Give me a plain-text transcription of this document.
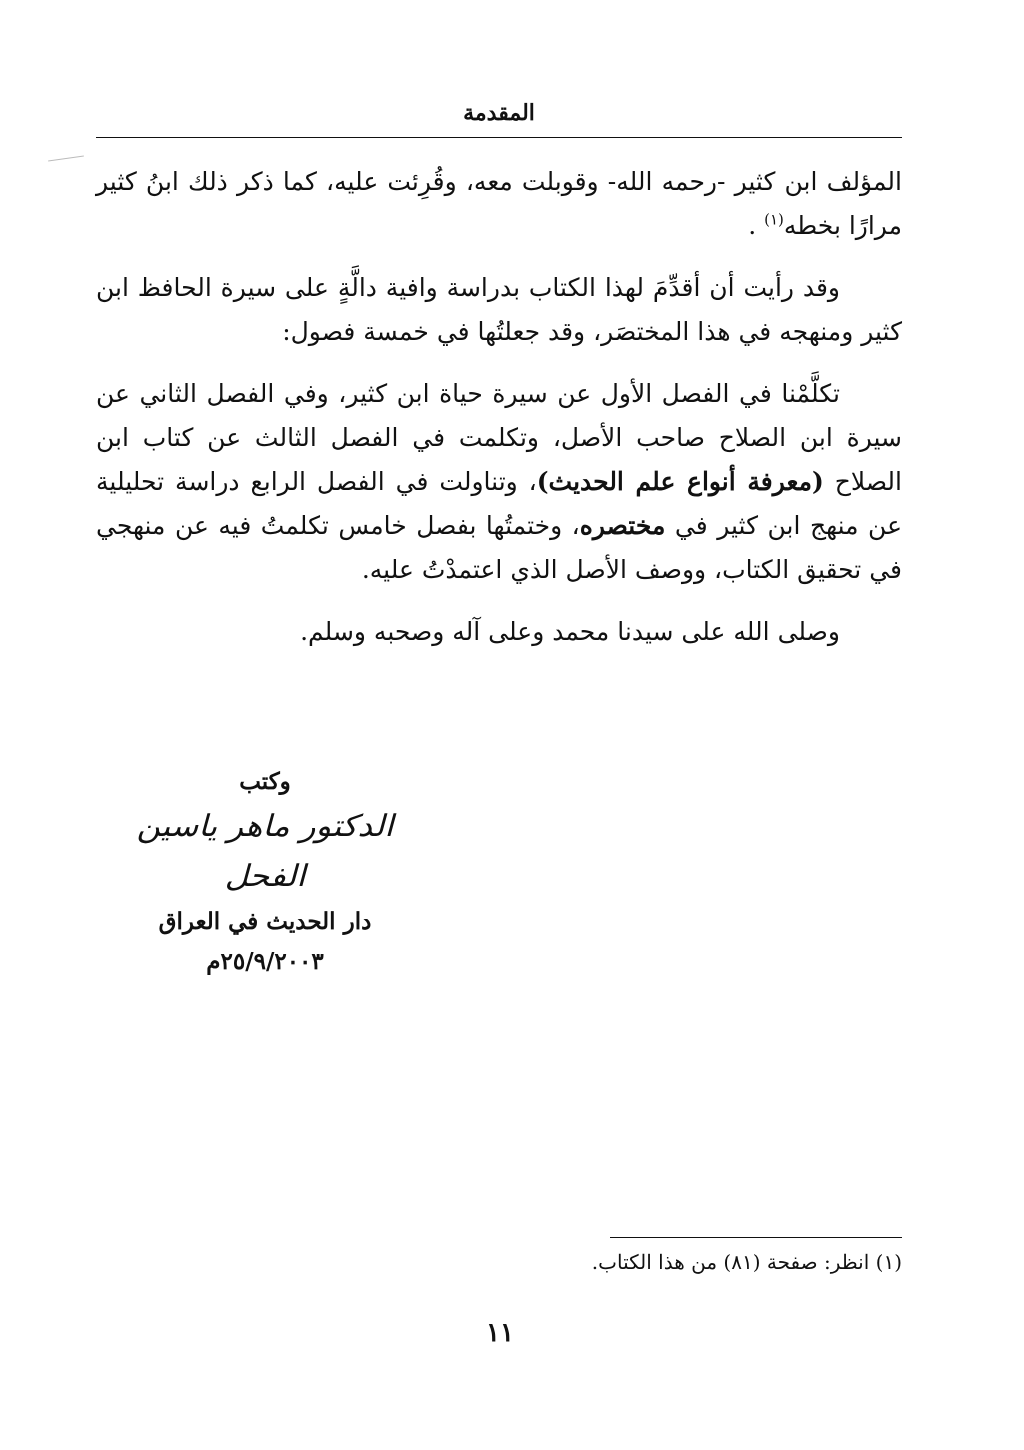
المقدمة

المؤلف ابن كثير -رحمه الله- وقوبلت معه، وقُرِئت عليه، كما ذكر ذلك ابنُ كثير مرارًا بخطه$^{(١)}$ .

وقد رأيت أن أقدِّمَ لهذا الكتاب بدراسة وافية دالَّةٍ على سيرة الحافظ ابن كثير ومنهجه في هذا المختصَر، وقد جعلتُها في خمسة فصول:

تكلَّمْنا في الفصل الأول عن سيرة حياة ابن كثير، وفي الفصل الثاني عن سيرة ابن الصلاح صاحب الأصل، وتكلمت في الفصل الثالث عن كتاب ابن الصلاح (معرفة أنواع علم الحديث)، وتناولت في الفصل الرابع دراسة تحليلية عن منهج ابن كثير في مختصره، وختمتُها بفصل خامس تكلمتُ فيه عن منهجي في تحقيق الكتاب، ووصف الأصل الذي اعتمدْتُ عليه.

وصلى الله على سيدنا محمد وعلى آله وصحبه وسلم.

وكتب
الدكتور ماهر ياسين الفحل
دار الحديث في العراق
٢٥/٩/٢٠٠٣م
(١) انظر: صفحة (٨١) من هذا الكتاب.
١١
